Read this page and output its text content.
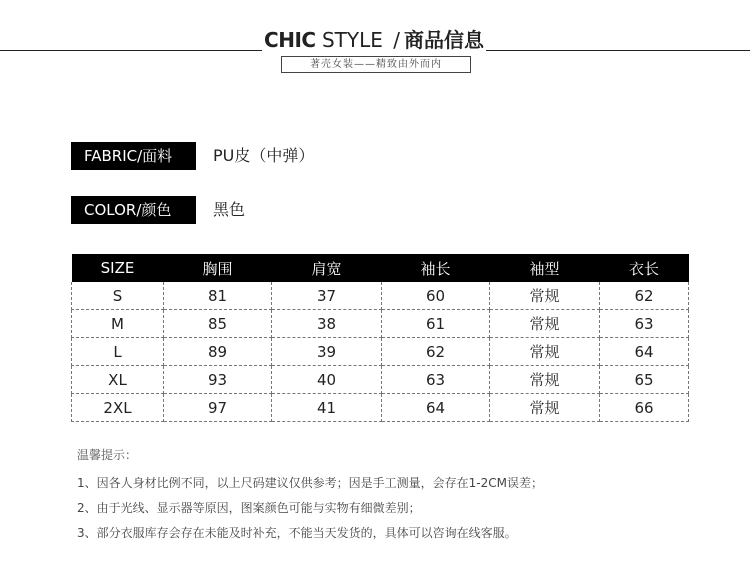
CHIC STYLE / 商品信息
著壳女装——精致由外而内
FABRIC/面料	PU皮（中弹）
COLOR/颜色	黑色
SIZE	胸围	肩宽	袖长	袖型	衣长
S	81	37	60	常规	62
M	85	38	61	常规	63
L	89	39	62	常规	64
XL	93	40	63	常规	65
2XL	97	41	64	常规	66
温馨提示：
1、因各人身材比例不同，以上尺码建议仅供参考；因是手工测量，会存在1-2CM误差；
2、由于光线、显示器等原因，图案颜色可能与实物有细微差别；
3、部分衣服库存会存在未能及时补充，不能当天发货的，具体可以咨询在线客服。
